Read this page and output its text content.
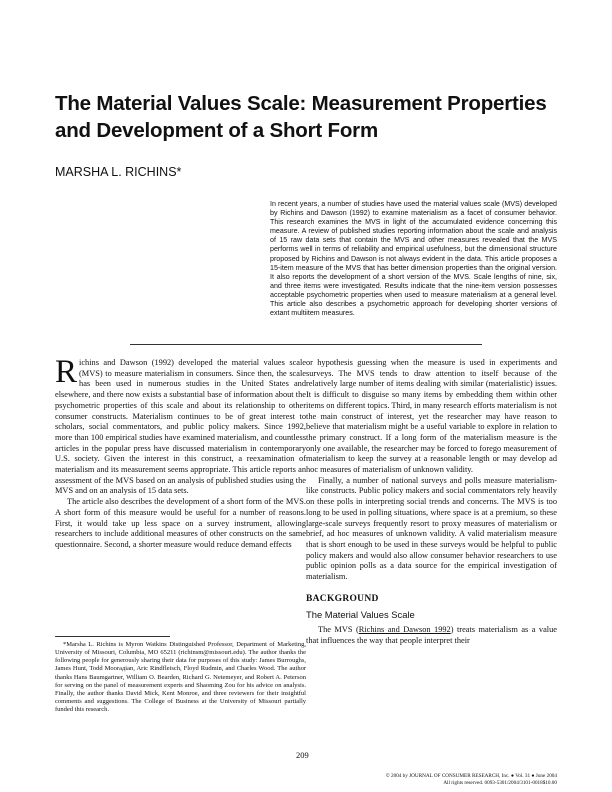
The Material Values Scale: Measurement Properties and Development of a Short Form

MARSHA L. RICHINS*

In recent years, a number of studies have used the material values scale (MVS) developed by Richins and Dawson (1992) to examine materialism as a facet of consumer behavior. This research examines the MVS in light of the accumulated evidence concerning this measure. A review of published studies reporting information about the scale and analysis of 15 raw data sets that contain the MVS and other measures revealed that the MVS performs well in terms of reliability and empirical usefulness, but the dimensional structure proposed by Richins and Dawson is not always evident in the data. This article proposes a 15-item measure of the MVS that has better dimension properties than the original version. It also reports the development of a short version of the MVS. Scale lengths of nine, six, and three items were investigated. Results indicate that the nine-item version possesses acceptable psychometric properties when used to measure materialism at a general level. This article also describes a psychometric approach for developing shorter versions of extant multiitem measures.

Richins and Dawson (1992) developed the material values scale (MVS) to measure materialism in consumers. Since then, the scale has been used in numerous studies in the United States and elsewhere, and there now exists a substantial base of information about the psychometric properties of this scale and about its relationship to other consumer constructs. Materialism continues to be of great interest to scholars, social commentators, and public policy makers. Since 1992, more than 100 empirical studies have examined materialism, and countless articles in the popular press have discussed materialism in contemporary U.S. society. Given the interest in this construct, a reexamination of materialism and its measurement seems appropriate. This article reports an assessment of the MVS based on an analysis of published studies using the MVS and on an analysis of 15 data sets.

The article also describes the development of a short form of the MVS. A short form of this measure would be useful for a number of reasons. First, it would take up less space on a survey instrument, allowing researchers to include additional measures of other constructs on the same questionnaire. Second, a shorter measure would reduce demand effects

*Marsha L. Richins is Myron Watkins Distinguished Professor, Department of Marketing, University of Missouri, Columbia, MO 65211 (richinsm@missouri.edu). The author thanks the following people for generously sharing their data for purposes of this study: James Burroughs, James Hunt, Todd Moorадian, Aric Rindfleisch, Floyd Rudmin, and Charles Wood. The author thanks Hans Baumgartner, William O. Bearden, Richard G. Netemeyer, and Robert A. Peterson for serving on the panel of measurement experts and Shaoming Zou for his advice on analysis. Finally, the author thanks David Mick, Kent Monroe, and three reviewers for their insightful comments and suggestions. The College of Business at the University of Missouri partially funded this research.

or hypothesis guessing when the measure is used in experiments and surveys. The MVS tends to draw attention to itself because of the relatively large number of items dealing with similar (materialistic) issues. It is difficult to disguise so many items by embedding them within other items on different topics. Third, in many research efforts materialism is not the main construct of interest, yet the researcher may have reason to believe that materialism might be a useful variable to explore in relation to the primary construct. If a long form of the materialism measure is the only one available, the researcher may be forced to forego measurement of materialism to keep the survey at a reasonable length or may develop ad hoc measures of materialism of unknown validity.

Finally, a number of national surveys and polls measure materialism-like constructs. Public policy makers and social commentators rely heavily on these polls in interpreting social trends and concerns. The MVS is too long to be used in polling situations, where space is at a premium, so these large-scale surveys frequently resort to proxy measures of materialism or brief, ad hoc measures of unknown validity. A valid materialism measure that is short enough to be used in these surveys would be helpful to public policy makers and would also allow consumer behavior researchers to use public opinion polls as a data source for the empirical investigation of materialism.

BACKGROUND

The Material Values Scale

The MVS (Richins and Dawson 1992) treats materialism as a value that influences the way that people interpret their

209
© 2004 by JOURNAL OF CONSUMER RESEARCH, Inc. ● Vol. 31 ● June 2004
All rights reserved. 0093-5301/2004/3101-0018$10.00
